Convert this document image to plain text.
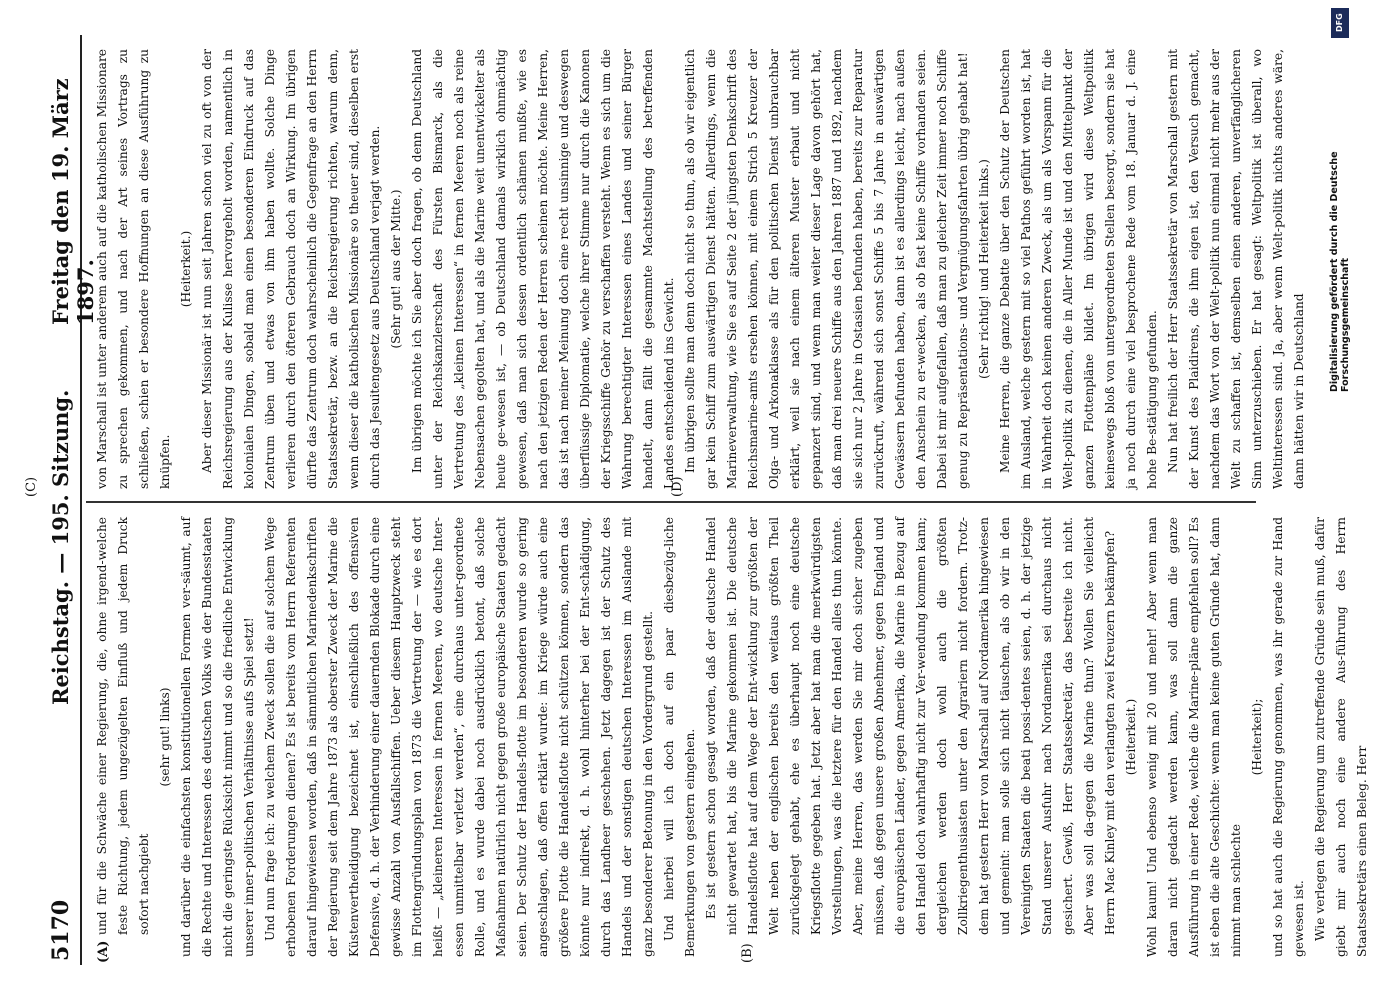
5170
Reichstag. — 195. Sitzung.
Freitag den 19. März 1897.
(A)	(B)
(C)	(D)

und für die Schwäche einer Regierung, die, ohne irgend-welche feste Richtung, jedem ungezügelten Einfluß und jedem Druck sofort nachgiebt

(sehr gut! links) und darüber die einfachsten konstitutionellen Formen ver-säumt, auf die Rechte und Interessen des deutschen Volks wie der Bundesstaaten nicht die geringste Rücksicht nimmt und so die friedliche Entwicklung unserer inner-politischen Verhältnisse aufs Spiel setzt! Und nun frage ich: zu welchem Zweck sollen die auf solchem Wege erhobenen Forderungen dienen? Es ist bereits vom Herrn Referenten darauf hingewiesen worden, daß in sämmtlichen Marinedenkschriften der Regierung seit dem Jahre 1873 als oberster Zweck der Marine die Küstenvertheidigung bezeichnet ist, einschließlich des offensiven Defensive, d. h. der Verhinderung einer dauernden Blokade durch eine gewisse Anzahl von Ausfallschiffen. Ueber diesem Hauptzweck steht im Flottengründungsplan von 1873 die Vertretung der — wie es dort heißt — „kleineren Interessen in fernen Meeren, wo deutsche Inter-essen unmittelbar verletzt werden“, eine durchaus unter-geordnete Rolle, und es wurde dabei noch ausdrücklich betont, daß solche Maßnahmen natürlich nicht gegen große europäische Staaten gedacht seien. Der Schutz der Handels-flotte im besonderen wurde so gering angeschlagen, daß offen erklärt wurde: im Kriege würde auch eine größere Flotte die Handelsflotte nicht schützen können, sondern das könnte nur indirekt, d. h. wohl hinterher bei der Ent-schädigung, durch das Landheer geschehen. Jetzt dagegen ist der Schutz des Handels und der sonstigen deutschen Interessen im Auslande mit ganz besonderer Betonung in den Vordergrund gestellt. Und hierbei will ich doch auf ein paar diesbezüg-liche Bemerkungen von gestern eingehen. Es ist gestern schon gesagt worden, daß der deutsche Handel nicht gewartet hat, bis die Marine gekommen ist. Die deutsche Handelsflotte hat auf dem Wege der Ent-wicklung zur größten der Welt neben der englischen bereits den weitaus größten Theil zurückgelegt gehabt, ehe es überhaupt noch eine deutsche Kriegsflotte gegeben hat. Jetzt aber hat man die merkwürdigsten Vorstellungen, was die letztere für den Handel alles thun könnte. Aber, meine Herren, das werden Sie mir doch sicher zugeben müssen, daß gegen unsere großen Abnehmer, gegen England und die europäischen Länder, gegen Amerika, die Marine in Bezug auf den Handel doch wahrhaftig nicht zur Ver-wendung kommen kann; dergleichen werden doch wohl auch die größten Zollkriegenthusiasten unter den Agrariern nicht fordern. Trotz-dem hat gestern Herr von Marschall auf Nordamerika hingewiesen und gemeint: man solle sich nicht täuschen, als ob wir in den Vereinigten Staaten die beati possi-dentes seien, d. h. der jetzige Stand unserer Ausfuhr nach Nordamerika sei durchaus nicht gesichert. Gewiß, Herr Staatssekretär, das bestreite ich nicht. Aber was soll da-gegen die Marine thun? Wollen Sie vielleicht Herrn Mac Kinley mit den verlangten zwei Kreuzern bekämpfen? (Heiterkeit.) Wohl kaum! Und ebenso wenig mit 20 und mehr! Aber wenn man daran nicht gedacht werden kann, was soll dann die ganze Ausführung in einer Rede, welche die Marine-pläne empfehlen soll? Es ist eben die alte Geschichte: wenn man keine guten Gründe hat, dann nimmt man schlechte

(Heiterkeit); und so hat auch die Regierung genommen, was ihr gerade zur Hand gewesen ist. Wie verlegen die Regierung um zutreffende Gründe sein muß, dafür giebt mir auch noch eine andere Aus-führung des Herrn Staatssekretärs einen Beleg. Herr

von Marschall ist unter anderem auch auf die katholischen Missionare zu sprechen gekommen, und nach der Art seines Vortrags zu schließen, schien er besondere Hoffnungen an diese Ausführung zu knüpfen.

(Heiterkeit.) Aber dieser Missionär ist nun seit Jahren schon viel zu oft von der Reichsregierung aus der Kulisse hervorgeholt worden, namentlich in kolonialen Dingen, sobald man einen besonderen Eindruck auf das Zentrum üben und etwas von ihm haben wollte. Solche Dinge verlieren durch den öfteren Gebrauch doch an Wirkung. Im übrigen dürfte das Zentrum doch wahrscheinlich die Gegenfrage an den Herrn Staatssekretär, bezw. an die Reichsregierung richten, warum denn, wenn dieser die katholischen Missionäre so theuer sind, dieselben erst durch das Jesuitengesetz aus Deutschland verjagt werden. (Sehr gut! aus der Mitte.) Im übrigen möchte ich Sie aber doch fragen, ob denn Deutschland unter der Reichskanzlerschaft des Fürsten Bismarck, als die Vertretung des „kleinen Interessen“ in fernen Meeren noch als reine Nebensachen gegolten hat, und als die Marine weit unentwickelter als heute ge-wesen ist, — ob Deutschland damals wirklich ohnmächtig gewesen, daß man sich dessen ordentlich schämen mußte, wie es nach den jetzigen Reden der Herren scheinen möchte. Meine Herren, das ist nach meiner Meinung doch eine recht unsinnige und deswegen überflüssige Diplomatie, welche ihrer Stimme nur durch die Kanonen der Kriegsschiffe Gehör zu verschaffen versteht. Wenn es sich um die Wahrung berechtigter Interessen eines Landes und seiner Bürger handelt, dann fällt die gesammte Machtstellung des betreffenden Landes entscheidend ins Gewicht. Im übrigen sollte man denn doch nicht so thun, als ob wir eigentlich gar kein Schiff zum auswärtigen Dienst hätten. Allerdings, wenn die Marineverwaltung, wie Sie es auf Seite 2 der jüngsten Denkschrift des Reichsmarine-amts ersehen können, mit einem Strich 5 Kreuzer der Olga- und Arkonaklasse als für den politischen Dienst unbrauchbar erklärt, weil sie nach einem älteren Muster erbaut und nicht gepanzert sind, und wenn man weiter dieser Lage davon gehört hat, daß man drei neuere Schiffe aus den Jahren 1887 und 1892, nachdem sie sich nur 2 Jahre in Ostasien befunden haben, bereits zur Reparatur zurückruft, während sich sonst Schiffe 5 bis 7 Jahre in auswärtigen Gewässern befunden haben, dann ist es allerdings leicht, nach außen den Anschein zu er-wecken, als ob fast keine Schiffe vorhanden seien. Dabei ist mir aufgefallen, daß man zu gleicher Zeit immer noch Schiffe genug zu Repräsentations- und Vergnügungsfahrten übrig gehabt hat! (Sehr richtig! und Heiterkeit links.) Meine Herren, die ganze Debatte über den Schutz der Deutschen im Ausland, welche gestern mit so viel Pathos geführt worden ist, hat in Wahrheit doch keinen anderen Zweck, als um als Vorspann für die Welt-politik zu dienen, die in Aller Munde ist und den Mittelpunkt der ganzen Flottenpläne bildet. Im übrigen wird diese Weltpolitik keineswegs bloß von untergeordneten Stellen besorgt, sondern sie hat ja noch durch eine viel besprochene Rede vom 18. Januar d. J. eine hohe Be-stätigung gefunden. Nun hat freilich der Herr Staatssekretär von Marschall gestern mit der Kunst des Plaidirens, die ihm eigen ist, den Versuch gemacht, nachdem das Wort von der Welt-politik nun einmal nicht mehr aus der Welt zu schaffen ist, demselben einen anderen, unverfänglicheren Sinn unterzuschieben. Er hat gesagt: Weltpolitik ist überall, wo Weltinteressen sind. Ja, aber wenn Welt-politik nichts anderes wäre, dann hätten wir in Deutschland

DFG
Digitalisierung gefördert durch die Deutsche Forschungsgemeinschaft
